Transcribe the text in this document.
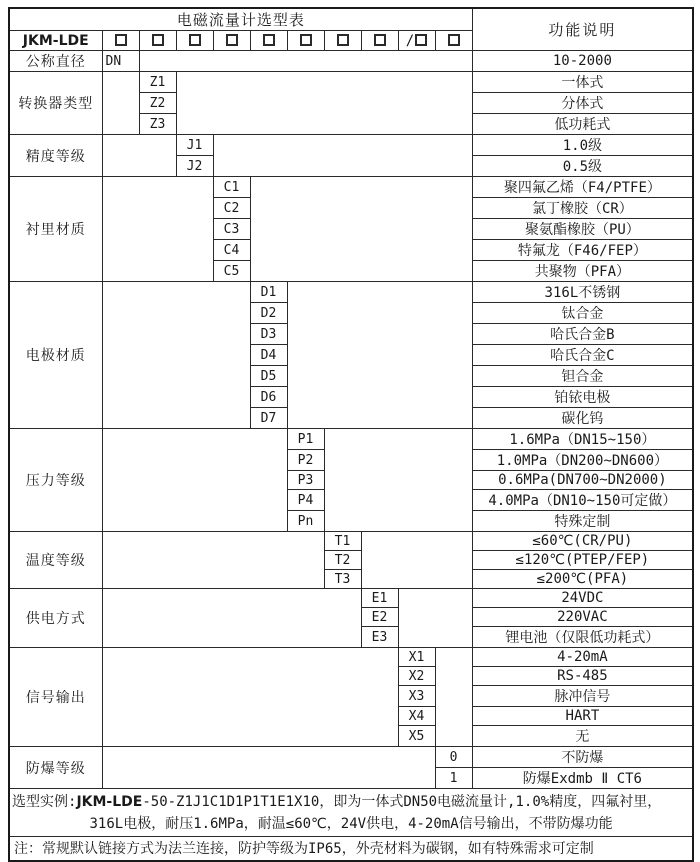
电磁流量计选型表											功能说明
JKM-LDE									/		
公称直径	DN										10-2000
转换器类型		Z1									一体式
		Z2									分体式
		Z3									低功耗式
精度等级			J1								1.0级
			J2								0.5级
衬里材质				C1							聚四氟乙烯（F4/PTFE）
				C2							氯丁橡胶（CR）
				C3							聚氨酯橡胶（PU）
				C4							特氟龙（F46/FEP）
				C5							共聚物（PFA）
电极材质					D1						316L不锈钢
					D2						钛合金
					D3						哈氏合金B
					D4						哈氏合金C
					D5						钽合金
					D6						铂铱电极
					D7						碳化钨
压力等级						P1					1.6MPa（DN15~150）
						P2					1.0MPa（DN200~DN600）
						P3					0.6MPa(DN700~DN2000)
						P4					4.0MPa（DN10~150可定做）
						Pn					特殊定制
温度等级							T1				≤60℃(CR/PU)
							T2				≤120℃(PTEP/FEP)
							T3				≤200℃(PFA)
供电方式								E1			24VDC
								E2			220VAC
								E3			锂电池（仅限低功耗式）
信号输出									X1		4-20mA
									X2		RS-485
									X3		脉冲信号
									X4		HART
									X5		无
防爆等级										0	不防爆
										1	防爆Exdmb Ⅱ CT6

选型实例:JKM-LDE-50-Z1J1C1D1P1T1E1X10，即为一体式DN50电磁流量计,1.0%精度，四氟衬里，
316L电极，耐压1.6MPa，耐温≤60℃，24V供电，4-20mA信号输出，不带防爆功能											

注：常规默认链接方式为法兰连接，防护等级为IP65，外壳材料为碳钢，如有特殊需求可定制											
